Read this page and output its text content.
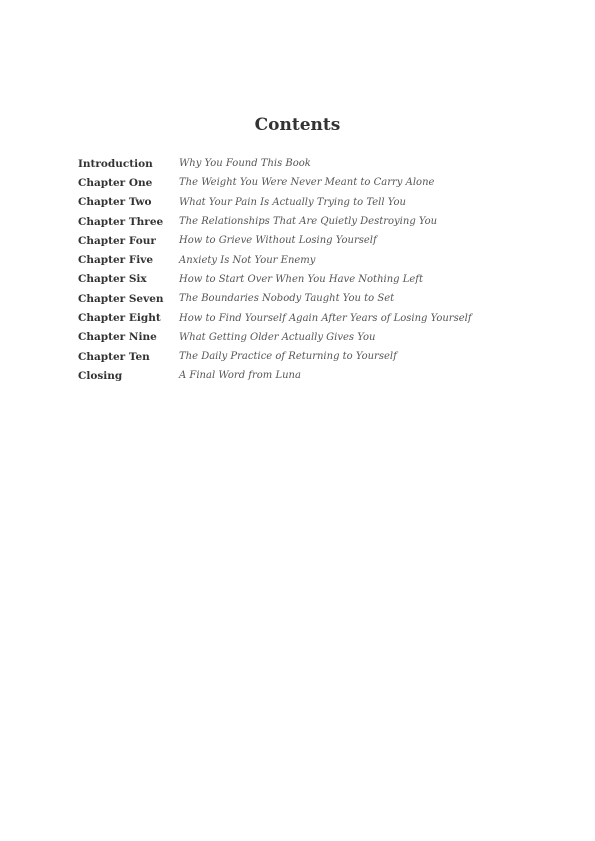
Contents
Introduction	Why You Found This Book
Chapter One	The Weight You Were Never Meant to Carry Alone
Chapter Two	What Your Pain Is Actually Trying to Tell You
Chapter Three	The Relationships That Are Quietly Destroying You
Chapter Four	How to Grieve Without Losing Yourself
Chapter Five	Anxiety Is Not Your Enemy
Chapter Six	How to Start Over When You Have Nothing Left
Chapter Seven	The Boundaries Nobody Taught You to Set
Chapter Eight	How to Find Yourself Again After Years of Losing Yourself
Chapter Nine	What Getting Older Actually Gives You
Chapter Ten	The Daily Practice of Returning to Yourself
Closing	A Final Word from Luna
